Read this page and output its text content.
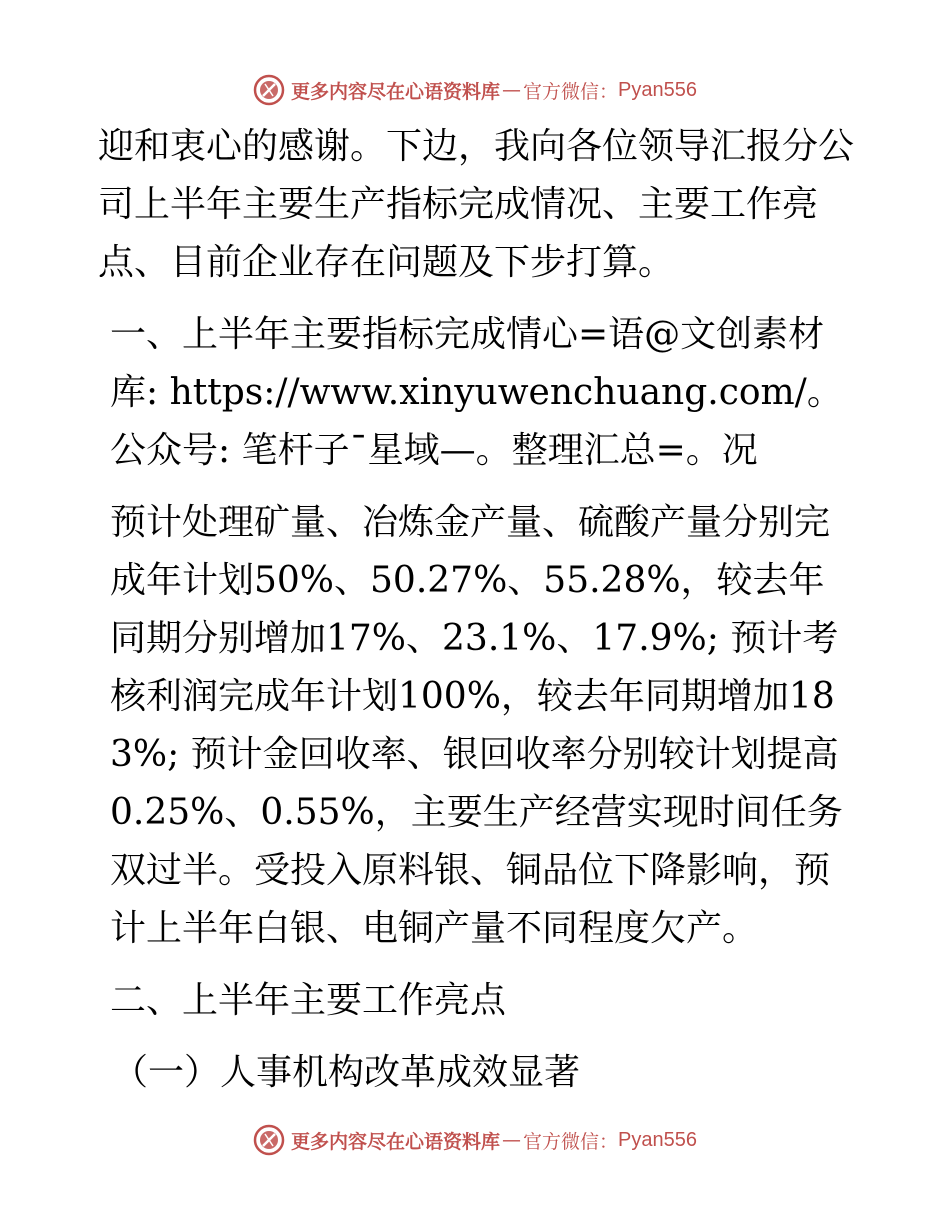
更多内容尽在心语资料库 — 官方微信： Pyan556

迎和衷心的感谢。下边，我向各位领导汇报分公司上半年主要生产指标完成情况、主要工作亮点、目前企业存在问题及下步打算。

一、上半年主要指标完成情心=语@文创素材库: https://www.xinyuwenchuang.com/。公众号: 笔杆子¯星域—。整理汇总=。况

预计处理矿量、冶炼金产量、硫酸产量分别完成年计划50%、50.27%、55.28%，较去年同期分别增加17%、23.1%、17.9%; 预计考核利润完成年计划100%，较去年同期增加183%; 预计金回收率、银回收率分别较计划提高0.25%、0.55%，主要生产经营实现时间任务双过半。受投入原料银、铜品位下降影响，预计上半年白银、电铜产量不同程度欠产。

二、上半年主要工作亮点

（一）人事机构改革成效显著

更多内容尽在心语资料库 — 官方微信： Pyan556
